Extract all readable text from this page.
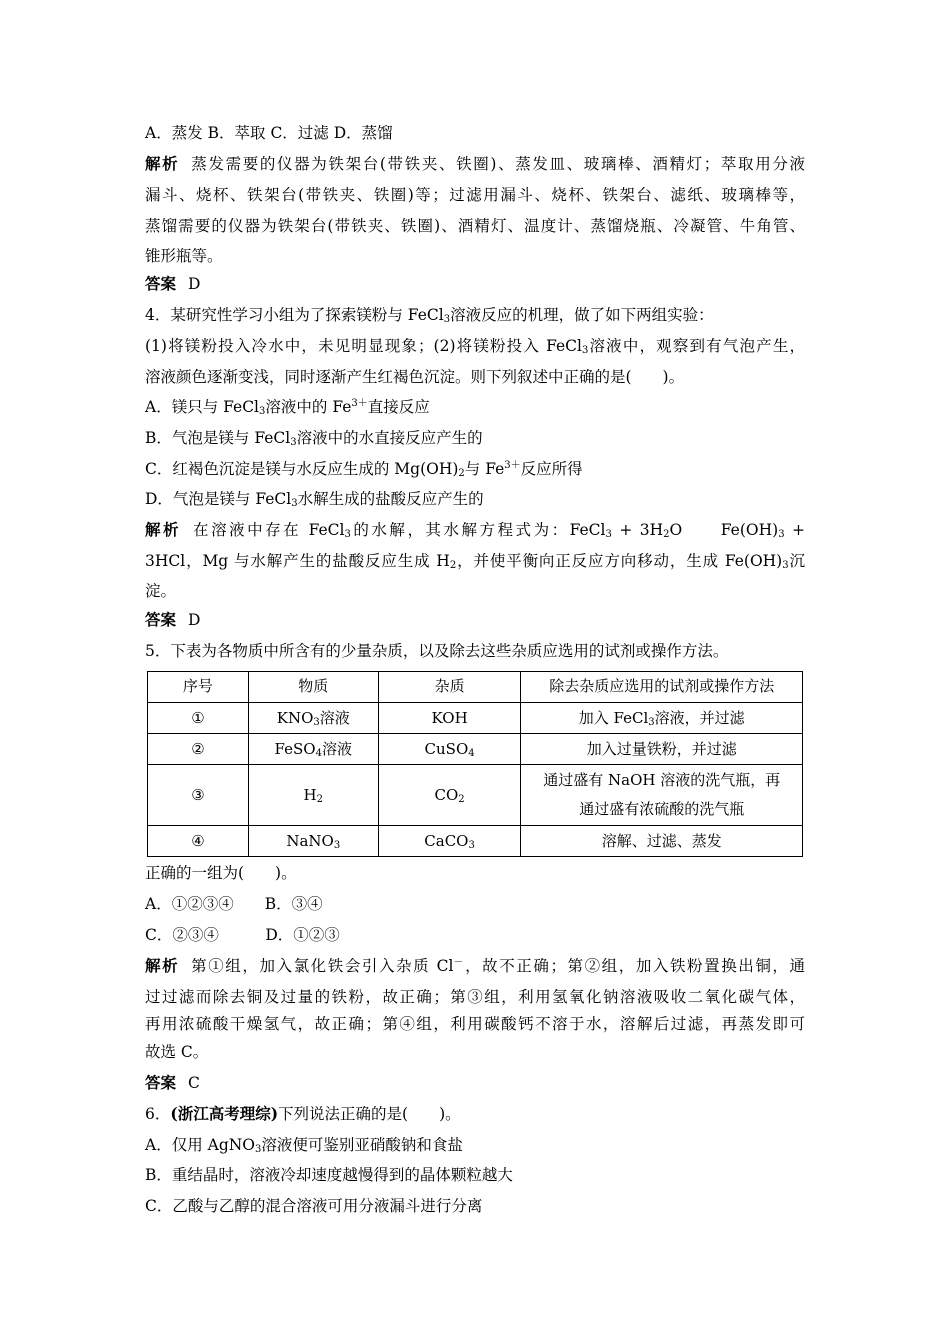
A．蒸发 B．萃取 C．过滤 D．蒸馏
解析 蒸发需要的仪器为铁架台(带铁夹、铁圈)、蒸发皿、玻璃棒、酒精灯；萃取用分液
漏斗、烧杯、铁架台(带铁夹、铁圈)等；过滤用漏斗、烧杯、铁架台、滤纸、玻璃棒等，
蒸馏需要的仪器为铁架台(带铁夹、铁圈)、酒精灯、温度计、蒸馏烧瓶、冷凝管、牛角管、
锥形瓶等。
答案 D
4．某研究性学习小组为了探索镁粉与 FeCl$_3$溶液反应的机理，做了如下两组实验：
(1)将镁粉投入冷水中，未见明显现象；(2)将镁粉投入 FeCl$_3$溶液中，观察到有气泡产生，
溶液颜色逐渐变浅，同时逐渐产生红褐色沉淀。则下列叙述中正确的是(　　)。
A．镁只与 FeCl$_3$溶液中的 $Fe^{3+}$直接反应
B．气泡是镁与 FeCl$_3$溶液中的水直接反应产生的
C．红褐色沉淀是镁与水反应生成的 $Mg(OH)_2$与 $Fe^{3+}$反应所得
D．气泡是镁与 FeCl$_3$水解生成的盐酸反应产生的
解析 在溶液中存在 FeCl$_3$的水解，其水解方程式为：FeCl$_3$ + $3H_2O$　　$Fe(OH)_3$ +
3HCl，Mg 与水解产生的盐酸反应生成 $H_2$，并使平衡向正反应方向移动，生成 $Fe(OH)_3$沉
淀。
答案 D
5．下表为各物质中所含有的少量杂质，以及除去这些杂质应选用的试剂或操作方法。
序号	物质	杂质	除去杂质应选用的试剂或操作方法
①	$KNO_3$溶液	KOH	加入 FeCl$_3$溶液，并过滤
②	FeSO$_4$溶液	CuSO$_4$	加入过量铁粉，并过滤
③	$H_2$	$CO_2$	通过盛有 NaOH 溶液的洗气瓶，再
通过盛有浓硫酸的洗气瓶

④	NaNO$_3$	CaCO$_3$	溶解、过滤、蒸发
正确的一组为(　　)。
A．①②③④　　B．③④
C．②③④　　　D．①②③
解析 第①组，加入氯化铁会引入杂质 Cl－，故不正确；第②组，加入铁粉置换出铜，通
过过滤而除去铜及过量的铁粉，故正确；第③组，利用氢氧化钠溶液吸收二氧化碳气体，
再用浓硫酸干燥氢气，故正确；第④组，利用碳酸钙不溶于水，溶解后过滤，再蒸发即可
故选 C。
答案 C
6．(浙江高考理综)下列说法正确的是(　　)。
A．仅用 AgNO$_3$溶液便可鉴别亚硝酸钠和食盐
B．重结晶时，溶液冷却速度越慢得到的晶体颗粒越大
C．乙酸与乙醇的混合溶液可用分液漏斗进行分离
